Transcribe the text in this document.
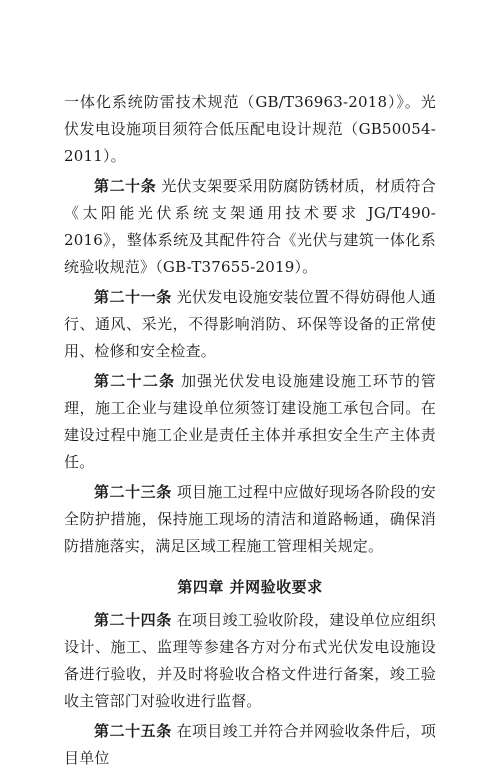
一体化系统防雷技术规范（GB/T36963-2018）》。光伏发电设施项目须符合低压配电设计规范（GB50054-2011）。

第二十条 光伏支架要采用防腐防锈材质，材质符合《太阳能光伏系统支架通用技术要求 JG/T490-2016》，整体系统及其配件符合《光伏与建筑一体化系统验收规范》（GB-T37655-2019）。

第二十一条 光伏发电设施安装位置不得妨碍他人通行、通风、采光，不得影响消防、环保等设备的正常使用、检修和安全检查。

第二十二条 加强光伏发电设施建设施工环节的管理，施工企业与建设单位须签订建设施工承包合同。在建设过程中施工企业是责任主体并承担安全生产主体责任。

第二十三条 项目施工过程中应做好现场各阶段的安全防护措施，保持施工现场的清洁和道路畅通，确保消防措施落实，满足区域工程施工管理相关规定。

第四章 并网验收要求

第二十四条 在项目竣工验收阶段，建设单位应组织设计、施工、监理等参建各方对分布式光伏发电设施设备进行验收，并及时将验收合格文件进行备案，竣工验收主管部门对验收进行监督。

第二十五条 在项目竣工并符合并网验收条件后，项目单位
